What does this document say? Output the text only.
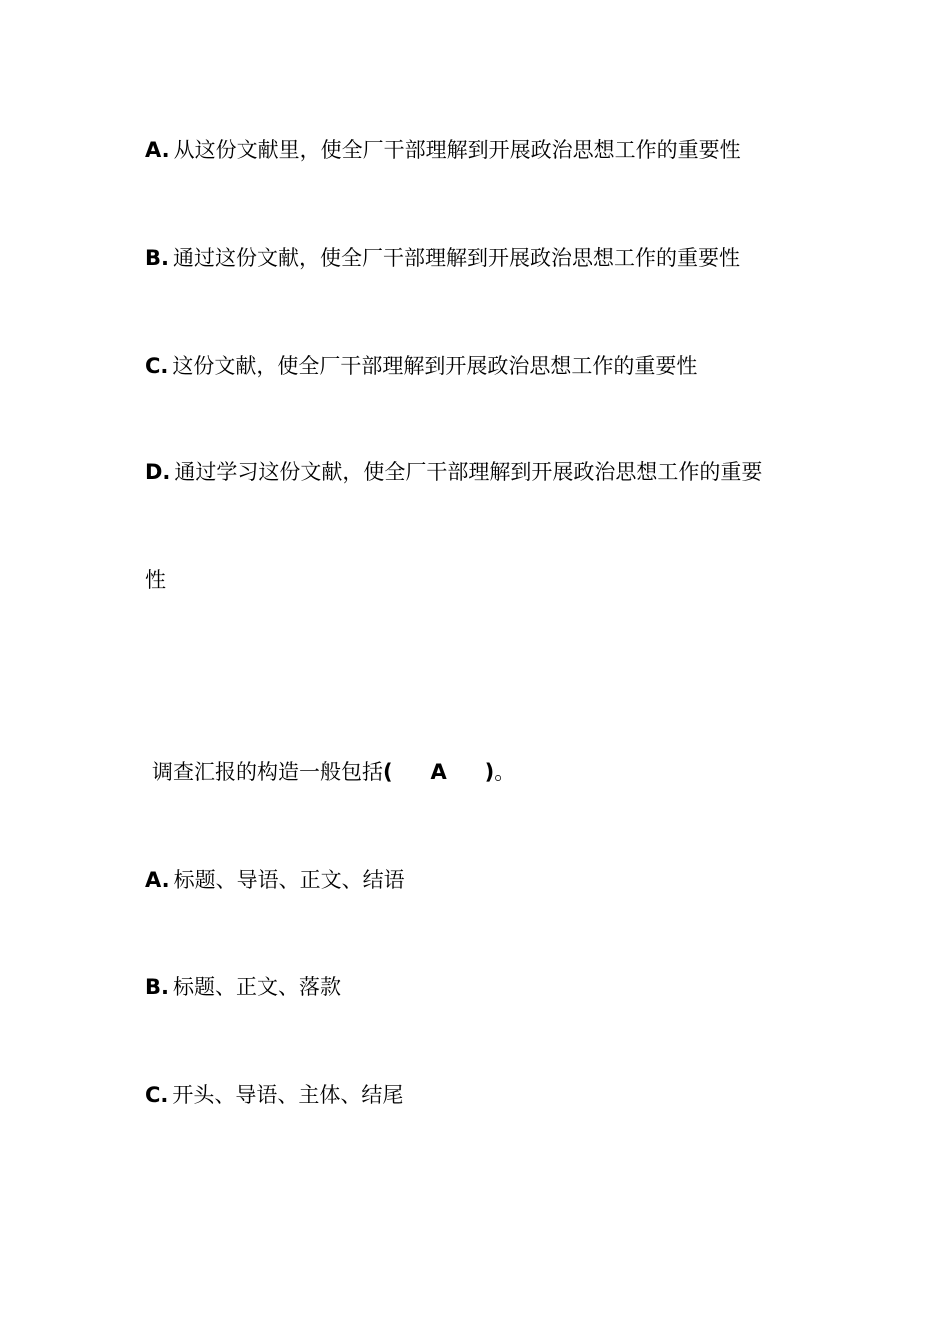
A. 从这份文献里，使全厂干部理解到开展政治思想工作的重要性
B. 通过这份文献，使全厂干部理解到开展政治思想工作的重要性
C. 这份文献，使全厂干部理解到开展政治思想工作的重要性
D. 通过学习这份文献，使全厂干部理解到开展政治思想工作的重要
性
调查汇报的构造一般包括( A )。
A. 标题、导语、正文、结语
B. 标题、正文、落款
C. 开头、导语、主体、结尾
